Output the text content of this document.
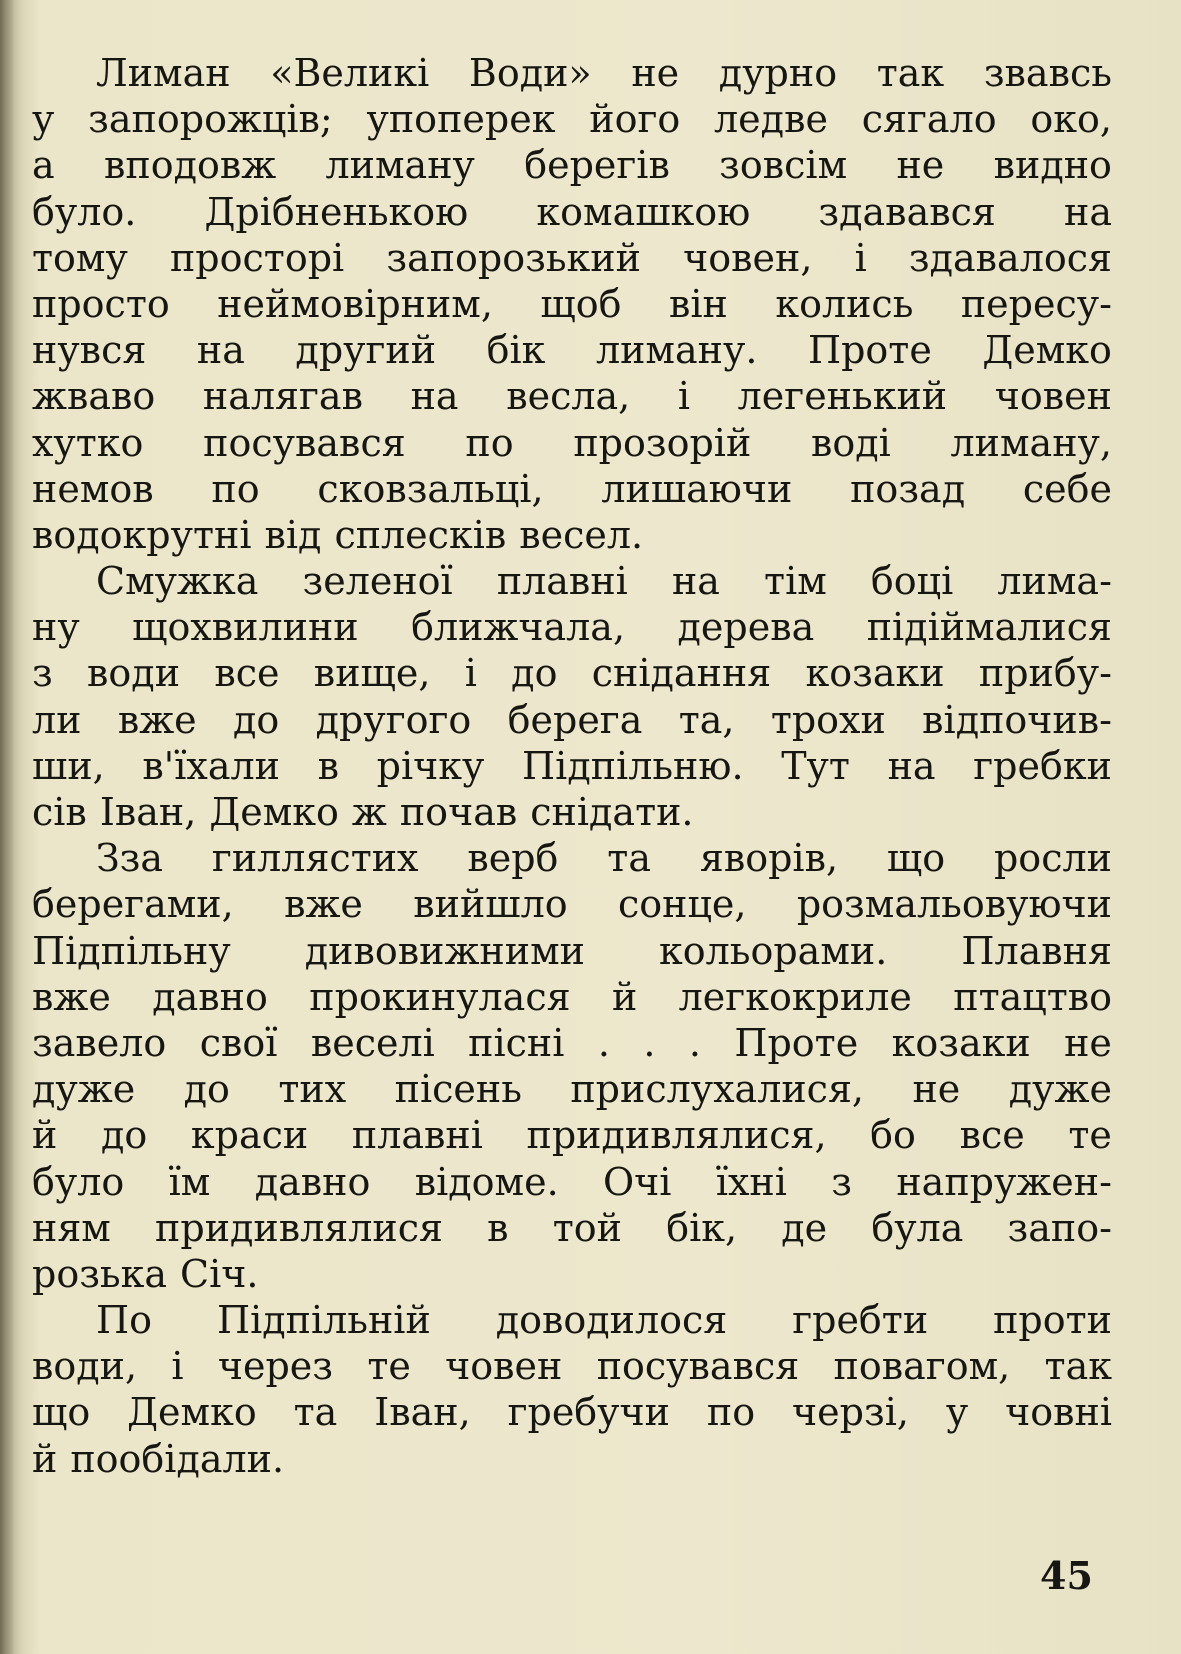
Лиман «Великі Води» не дурно так звавсь
у запорожців; упоперек його ледве сягало око,
а вподовж лиману берегів зовсім не видно
було. Дрібненькою комашкою здавався на
тому просторі запорозький човен, і здавалося
просто неймовірним, щоб він колись пересу-
нувся на другий бік лиману. Проте Демко
жваво налягав на весла, і легенький човен
хутко посувався по прозорій воді лиману,
немов по сковзальці, лишаючи позад себе
водокрутні від сплесків весел.
Смужка зеленої плавні на тім боці лима-
ну щохвилини ближчала, дерева підіймалися
з води все вище, і до снідання козаки прибу-
ли вже до другого берега та, трохи відпочив-
ши, в'їхали в річку Підпільню. Тут на гребки
сів Іван, Демко ж почав снідати.
Зза гиллястих верб та яворів, що росли
берегами, вже вийшло сонце, розмальовуючи
Підпільну дивовижними кольорами. Плавня
вже давно прокинулася й легкокриле птацтво
завело свої веселі пісні . . . Проте козаки не
дуже до тих пісень прислухалися, не дуже
й до краси плавні придивлялися, бо все те
було їм давно відоме. Очі їхні з напружен-
ням придивлялися в той бік, де була запо-
розька Січ.
По Підпільній доводилося гребти проти
води, і через те човен посувався повагом, так
що Демко та Іван, гребучи по черзі, у човні
й пообідали.
45
